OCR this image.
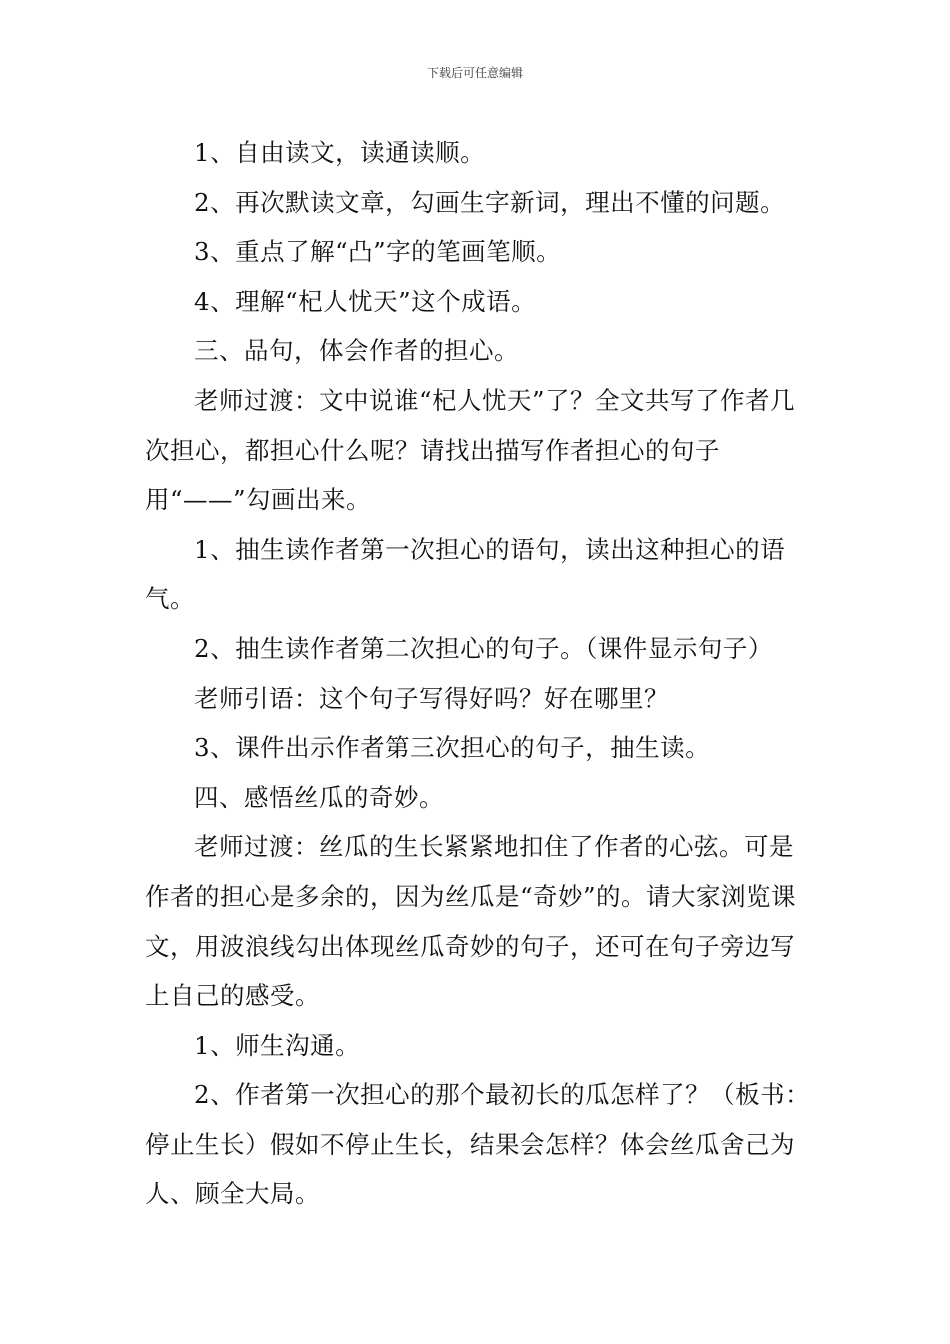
下载后可任意编辑

1、自由读文，读通读顺。

2、再次默读文章，勾画生字新词，理出不懂的问题。

3、重点了解“凸”字的笔画笔顺。

4、理解“杞人忧天”这个成语。

三、品句，体会作者的担心。

老师过渡：文中说谁“杞人忧天”了？全文共写了作者几次担心，都担心什么呢？请找出描写作者担心的句子用“——”勾画出来。

1、抽生读作者第一次担心的语句，读出这种担心的语气。

2、抽生读作者第二次担心的句子。（课件显示句子）

老师引语：这个句子写得好吗？好在哪里？

3、课件出示作者第三次担心的句子，抽生读。

四、感悟丝瓜的奇妙。

老师过渡：丝瓜的生长紧紧地扣住了作者的心弦。可是作者的担心是多余的，因为丝瓜是“奇妙”的。请大家浏览课文，用波浪线勾出体现丝瓜奇妙的句子，还可在句子旁边写上自己的感受。

1、师生沟通。

2、作者第一次担心的那个最初长的瓜怎样了？（板书：停止生长）假如不停止生长，结果会怎样？体会丝瓜舍己为人、顾全大局。
